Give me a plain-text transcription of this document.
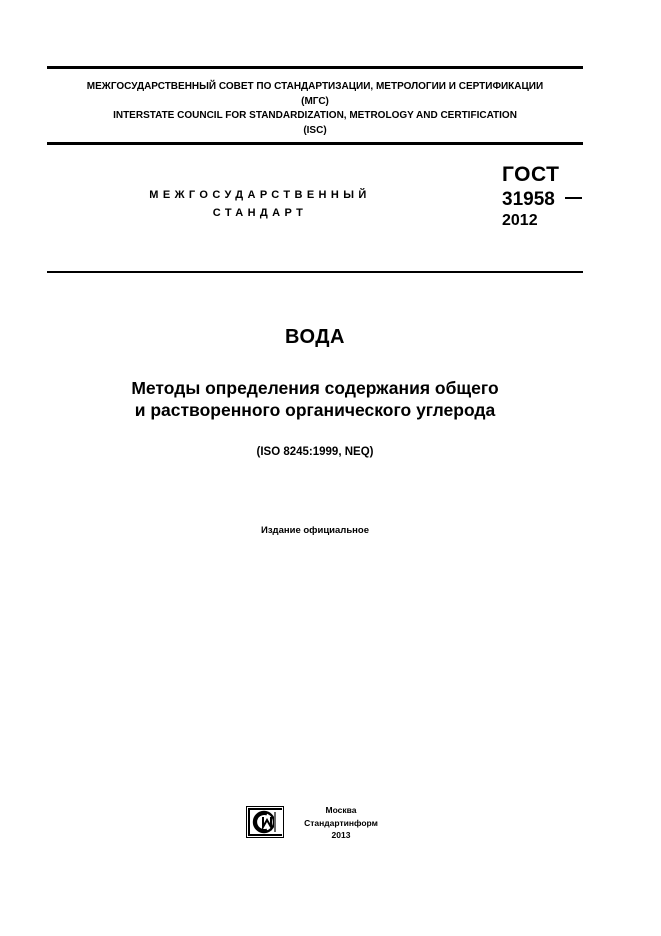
МЕЖГОСУДАРСТВЕННЫЙ СОВЕТ ПО СТАНДАРТИЗАЦИИ, МЕТРОЛОГИИ И СЕРТИФИКАЦИИ
(МГС)
INTERSTATE COUNCIL FOR STANDARDIZATION, METROLOGY AND CERTIFICATION
(ISC)
МЕЖГОСУДАРСТВЕННЫЙ
СТАНДАРТ
ГОСТ
31958
2012
ВОДА
Методы определения содержания общего
и растворенного органического углерода
(ISO 8245:1999, NEQ)
Издание официальное
Москва
Стандартинформ
2013
